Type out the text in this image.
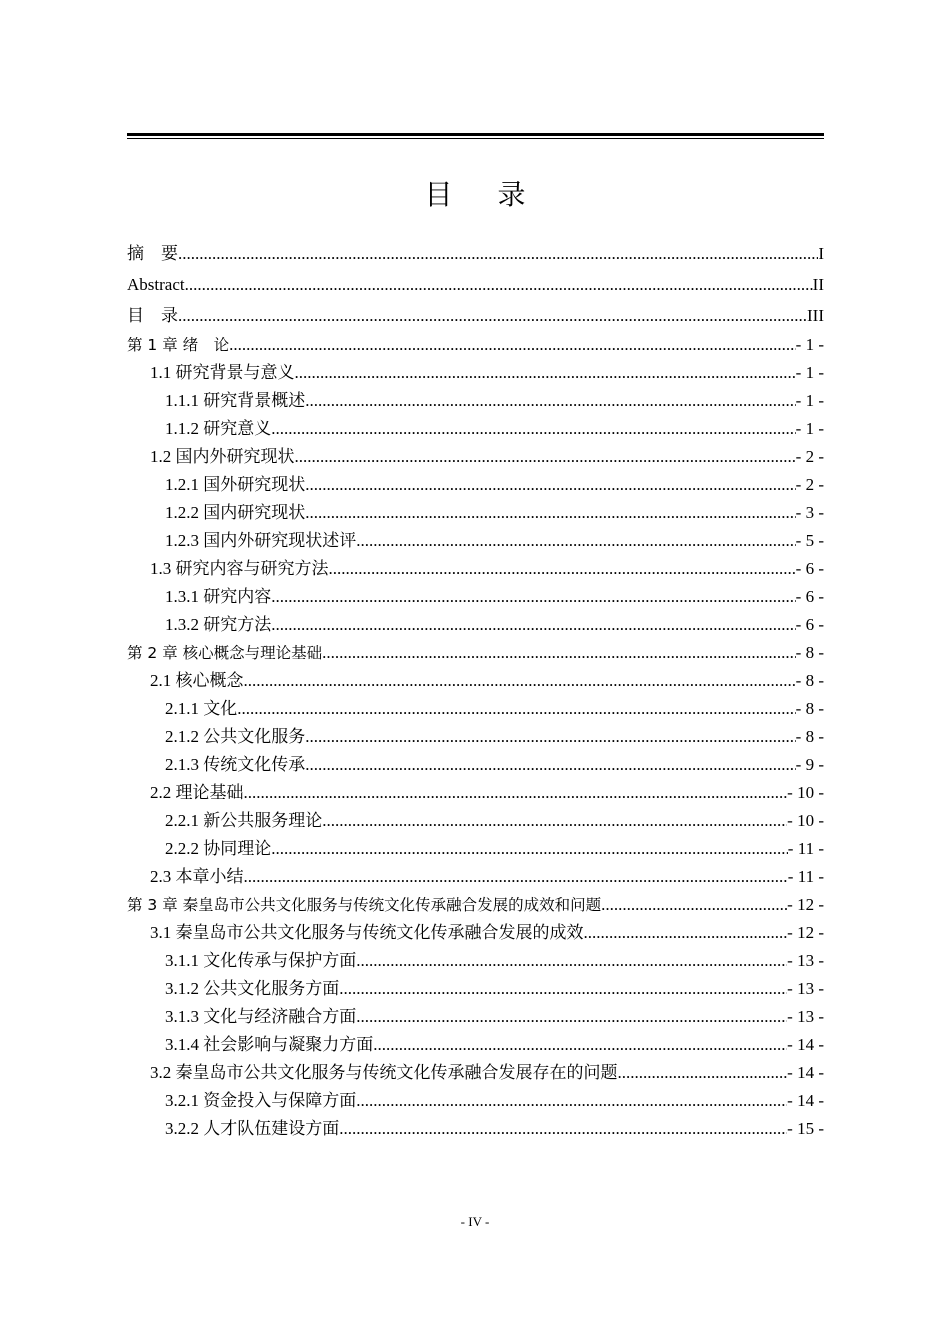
目 录
摘　要 .....	I
Abstract .....	II
目　录 .....	III
第 1 章 绪　论 .....	- 1 -
1.1 研究背景与意义 .....	- 1 -
1.1.1 研究背景概述 .....	- 1 -
1.1.2 研究意义 .....	- 1 -
1.2 国内外研究现状 .....	- 2 -
1.2.1 国外研究现状 .....	- 2 -
1.2.2 国内研究现状 .....	- 3 -
1.2.3 国内外研究现状述评 .....	- 5 -
1.3 研究内容与研究方法 .....	- 6 -
1.3.1 研究内容 .....	- 6 -
1.3.2 研究方法 .....	- 6 -
第 2 章 核心概念与理论基础 .....	- 8 -
2.1 核心概念 .....	- 8 -
2.1.1 文化 .....	- 8 -
2.1.2 公共文化服务 .....	- 8 -
2.1.3 传统文化传承 .....	- 9 -
2.2 理论基础 .....	- 10 -
2.2.1 新公共服务理论 .....	- 10 -
2.2.2 协同理论 .....	- 11 -
2.3 本章小结 .....	- 11 -
第 3 章 秦皇岛市公共文化服务与传统文化传承融合发展的成效和问题 .....	- 12 -
3.1 秦皇岛市公共文化服务与传统文化传承融合发展的成效 .....	- 12 -
3.1.1 文化传承与保护方面 .....	- 13 -
3.1.2 公共文化服务方面 .....	- 13 -
3.1.3 文化与经济融合方面 .....	- 13 -
3.1.4 社会影响与凝聚力方面 .....	- 14 -
3.2 秦皇岛市公共文化服务与传统文化传承融合发展存在的问题 .....	- 14 -
3.2.1 资金投入与保障方面 .....	- 14 -
3.2.2 人才队伍建设方面 .....	- 15 -
- IV -
